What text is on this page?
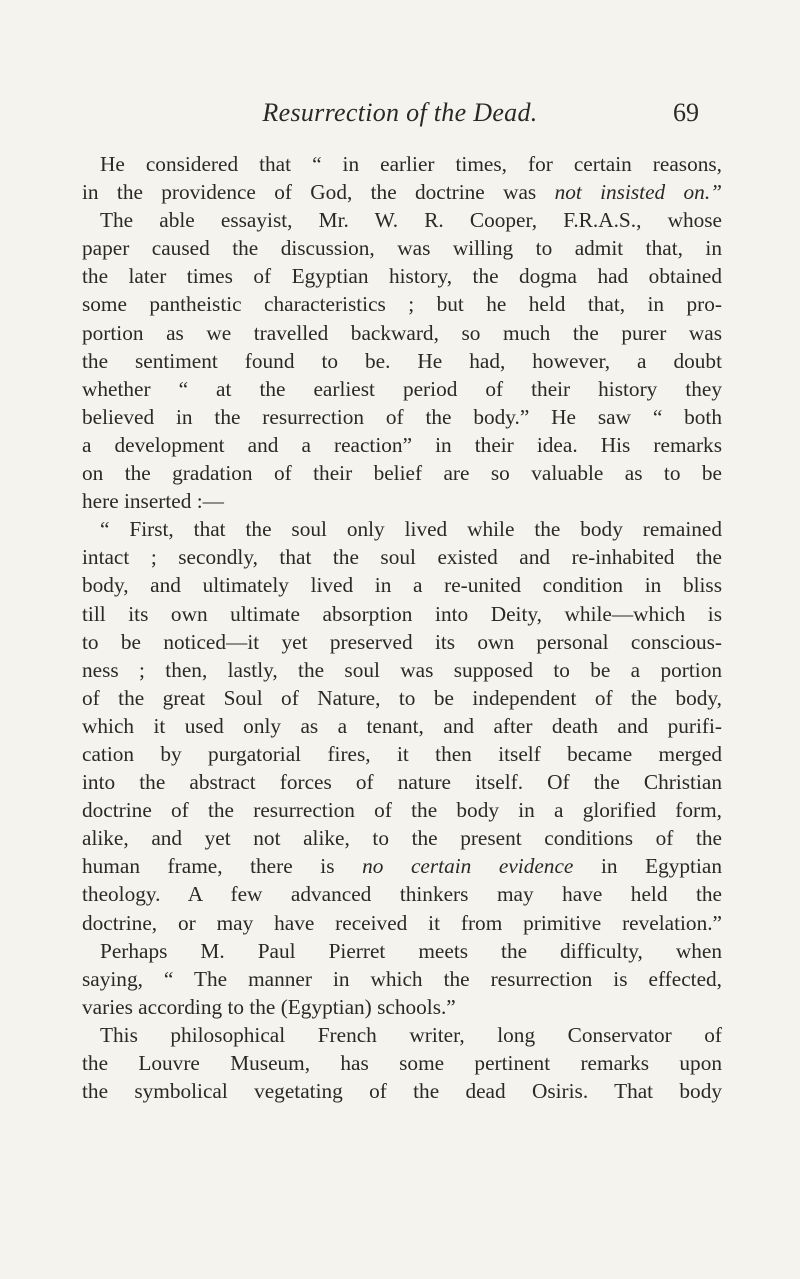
Resurrection of the Dead.	69
He considered that “ in earlier times, for certain reasons,
in the providence of God, the doctrine was not insisted on.”
The able essayist, Mr. W. R. Cooper, F.R.A.S., whose
paper caused the discussion, was willing to admit that, in
the later times of Egyptian history, the dogma had obtained
some pantheistic characteristics ; but he held that, in pro-
portion as we travelled backward, so much the purer was
the sentiment found to be. He had, however, a doubt
whether “ at the earliest period of their history they
believed in the resurrection of the body.” He saw “ both
a development and a reaction” in their idea. His remarks
on the gradation of their belief are so valuable as to be
here inserted :—
“ First, that the soul only lived while the body remained
intact ; secondly, that the soul existed and re-inhabited the
body, and ultimately lived in a re-united condition in bliss
till its own ultimate absorption into Deity, while—which is
to be noticed—it yet preserved its own personal conscious-
ness ; then, lastly, the soul was supposed to be a portion
of the great Soul of Nature, to be independent of the body,
which it used only as a tenant, and after death and purifi-
cation by purgatorial fires, it then itself became merged
into the abstract forces of nature itself. Of the Christian
doctrine of the resurrection of the body in a glorified form,
alike, and yet not alike, to the present conditions of the
human frame, there is no certain evidence in Egyptian
theology. A few advanced thinkers may have held the
doctrine, or may have received it from primitive revelation.”
Perhaps M. Paul Pierret meets the difficulty, when
saying, “ The manner in which the resurrection is effected,
varies according to the (Egyptian) schools.”
This philosophical French writer, long Conservator of
the Louvre Museum, has some pertinent remarks upon
the symbolical vegetating of the dead Osiris. That body
